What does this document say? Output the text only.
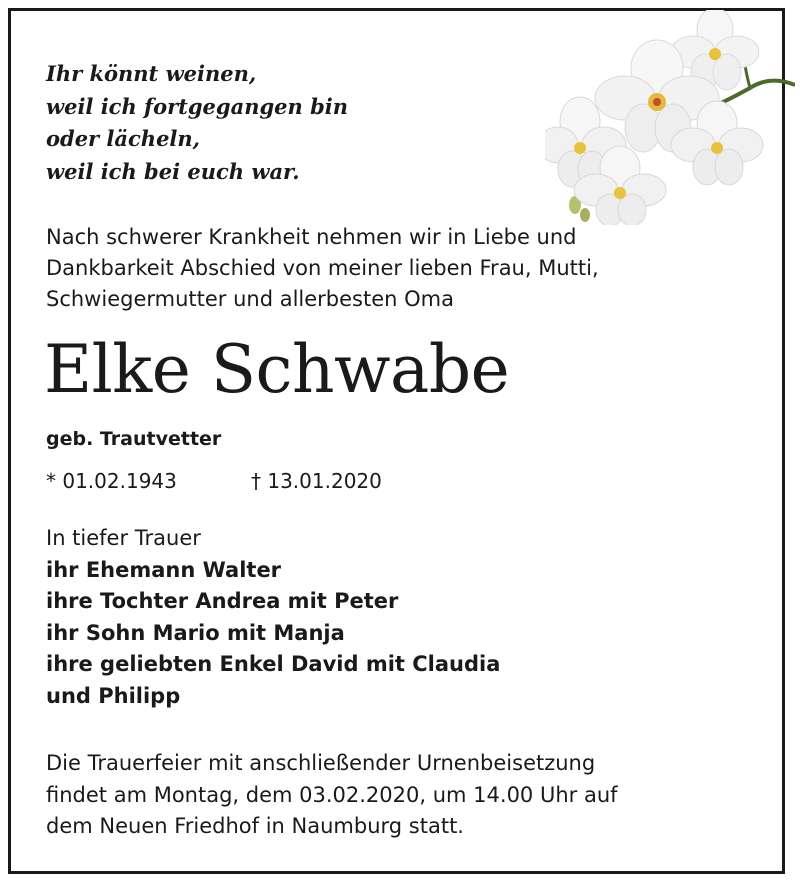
Ihr könnt weinen,
weil ich fortgegangen bin
oder lächeln,
weil ich bei euch war.
Nach schwerer Krankheit nehmen wir in Liebe und
Dankbarkeit Abschied von meiner lieben Frau, Mutti,
Schwiegermutter und allerbesten Oma
Elke Schwabe
geb. Trautvetter
* 01.02.1943	† 13.01.2020
In tiefer Trauer
ihr Ehemann Walter
ihre Tochter Andrea mit Peter
ihr Sohn Mario mit Manja
ihre geliebten Enkel David mit Claudia
und Philipp
Die Trauerfeier mit anschließender Urnenbeisetzung
findet am Montag, dem 03.02.2020, um 14.00 Uhr auf
dem Neuen Friedhof in Naumburg statt.
